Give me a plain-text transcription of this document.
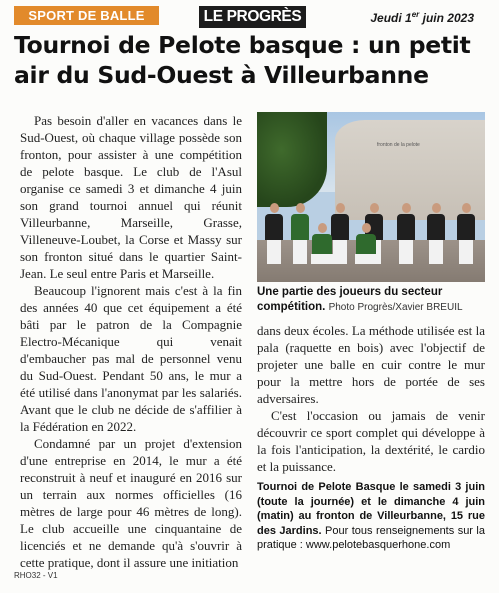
SPORT DE BALLE	LE PROGRÈS	Jeudi 1er juin 2023
Tournoi de Pelote basque : un petit air du Sud-Ouest à Villeurbanne

Pas besoin d'aller en vacances dans le Sud-Ouest, où chaque village possède son fronton, pour assister à une compétition de pelote basque. Le club de l'Asul organise ce samedi 3 et dimanche 4 juin son grand tournoi annuel qui réunit Villeurbanne, Marseille, Grasse, Villeneuve-Loubet, la Corse et Massy sur son fronton situé dans le quartier Saint-Jean. Le seul entre Paris et Marseille.

Beaucoup l'ignorent mais c'est à la fin des années 40 que cet équipement a été bâti par le patron de la Compagnie Electro-Mécanique qui venait d'embaucher pas mal de personnel venu du Sud-Ouest. Pendant 50 ans, le mur a été utilisé dans l'anonymat par les salariés. Avant que le club ne décide de s'affilier à la Fédération en 2022.

Condamné par un projet d'extension d'une entreprise en 2014, le mur a été reconstruit à neuf et inauguré en 2016 sur un terrain aux normes officielles (16 mètres de large pour 46 mètres de long). Le club accueille une cinquantaine de licenciés et ne demande qu'à s'ouvrir à cette pratique, dont il assure une initiation

fronton de la pelote
Une partie des joueurs du secteur compétition. Photo Progrès/Xavier BREUIL

dans deux écoles. La méthode utilisée est la pala (raquette en bois) avec l'objectif de projeter une balle en cuir contre le mur pour la mettre hors de portée de ses adversaires.

C'est l'occasion ou jamais de venir découvrir ce sport complet qui développe à la fois l'anticipation, la dextérité, le cardio et la puissance.

Tournoi de Pelote Basque le samedi 3 juin (toute la journée) et le dimanche 4 juin (matin) au fronton de Villeurbanne, 15 rue des Jardins. Pour tous renseignements sur la pratique : www.pelotebasquerhone.com
RHO32 - V1
